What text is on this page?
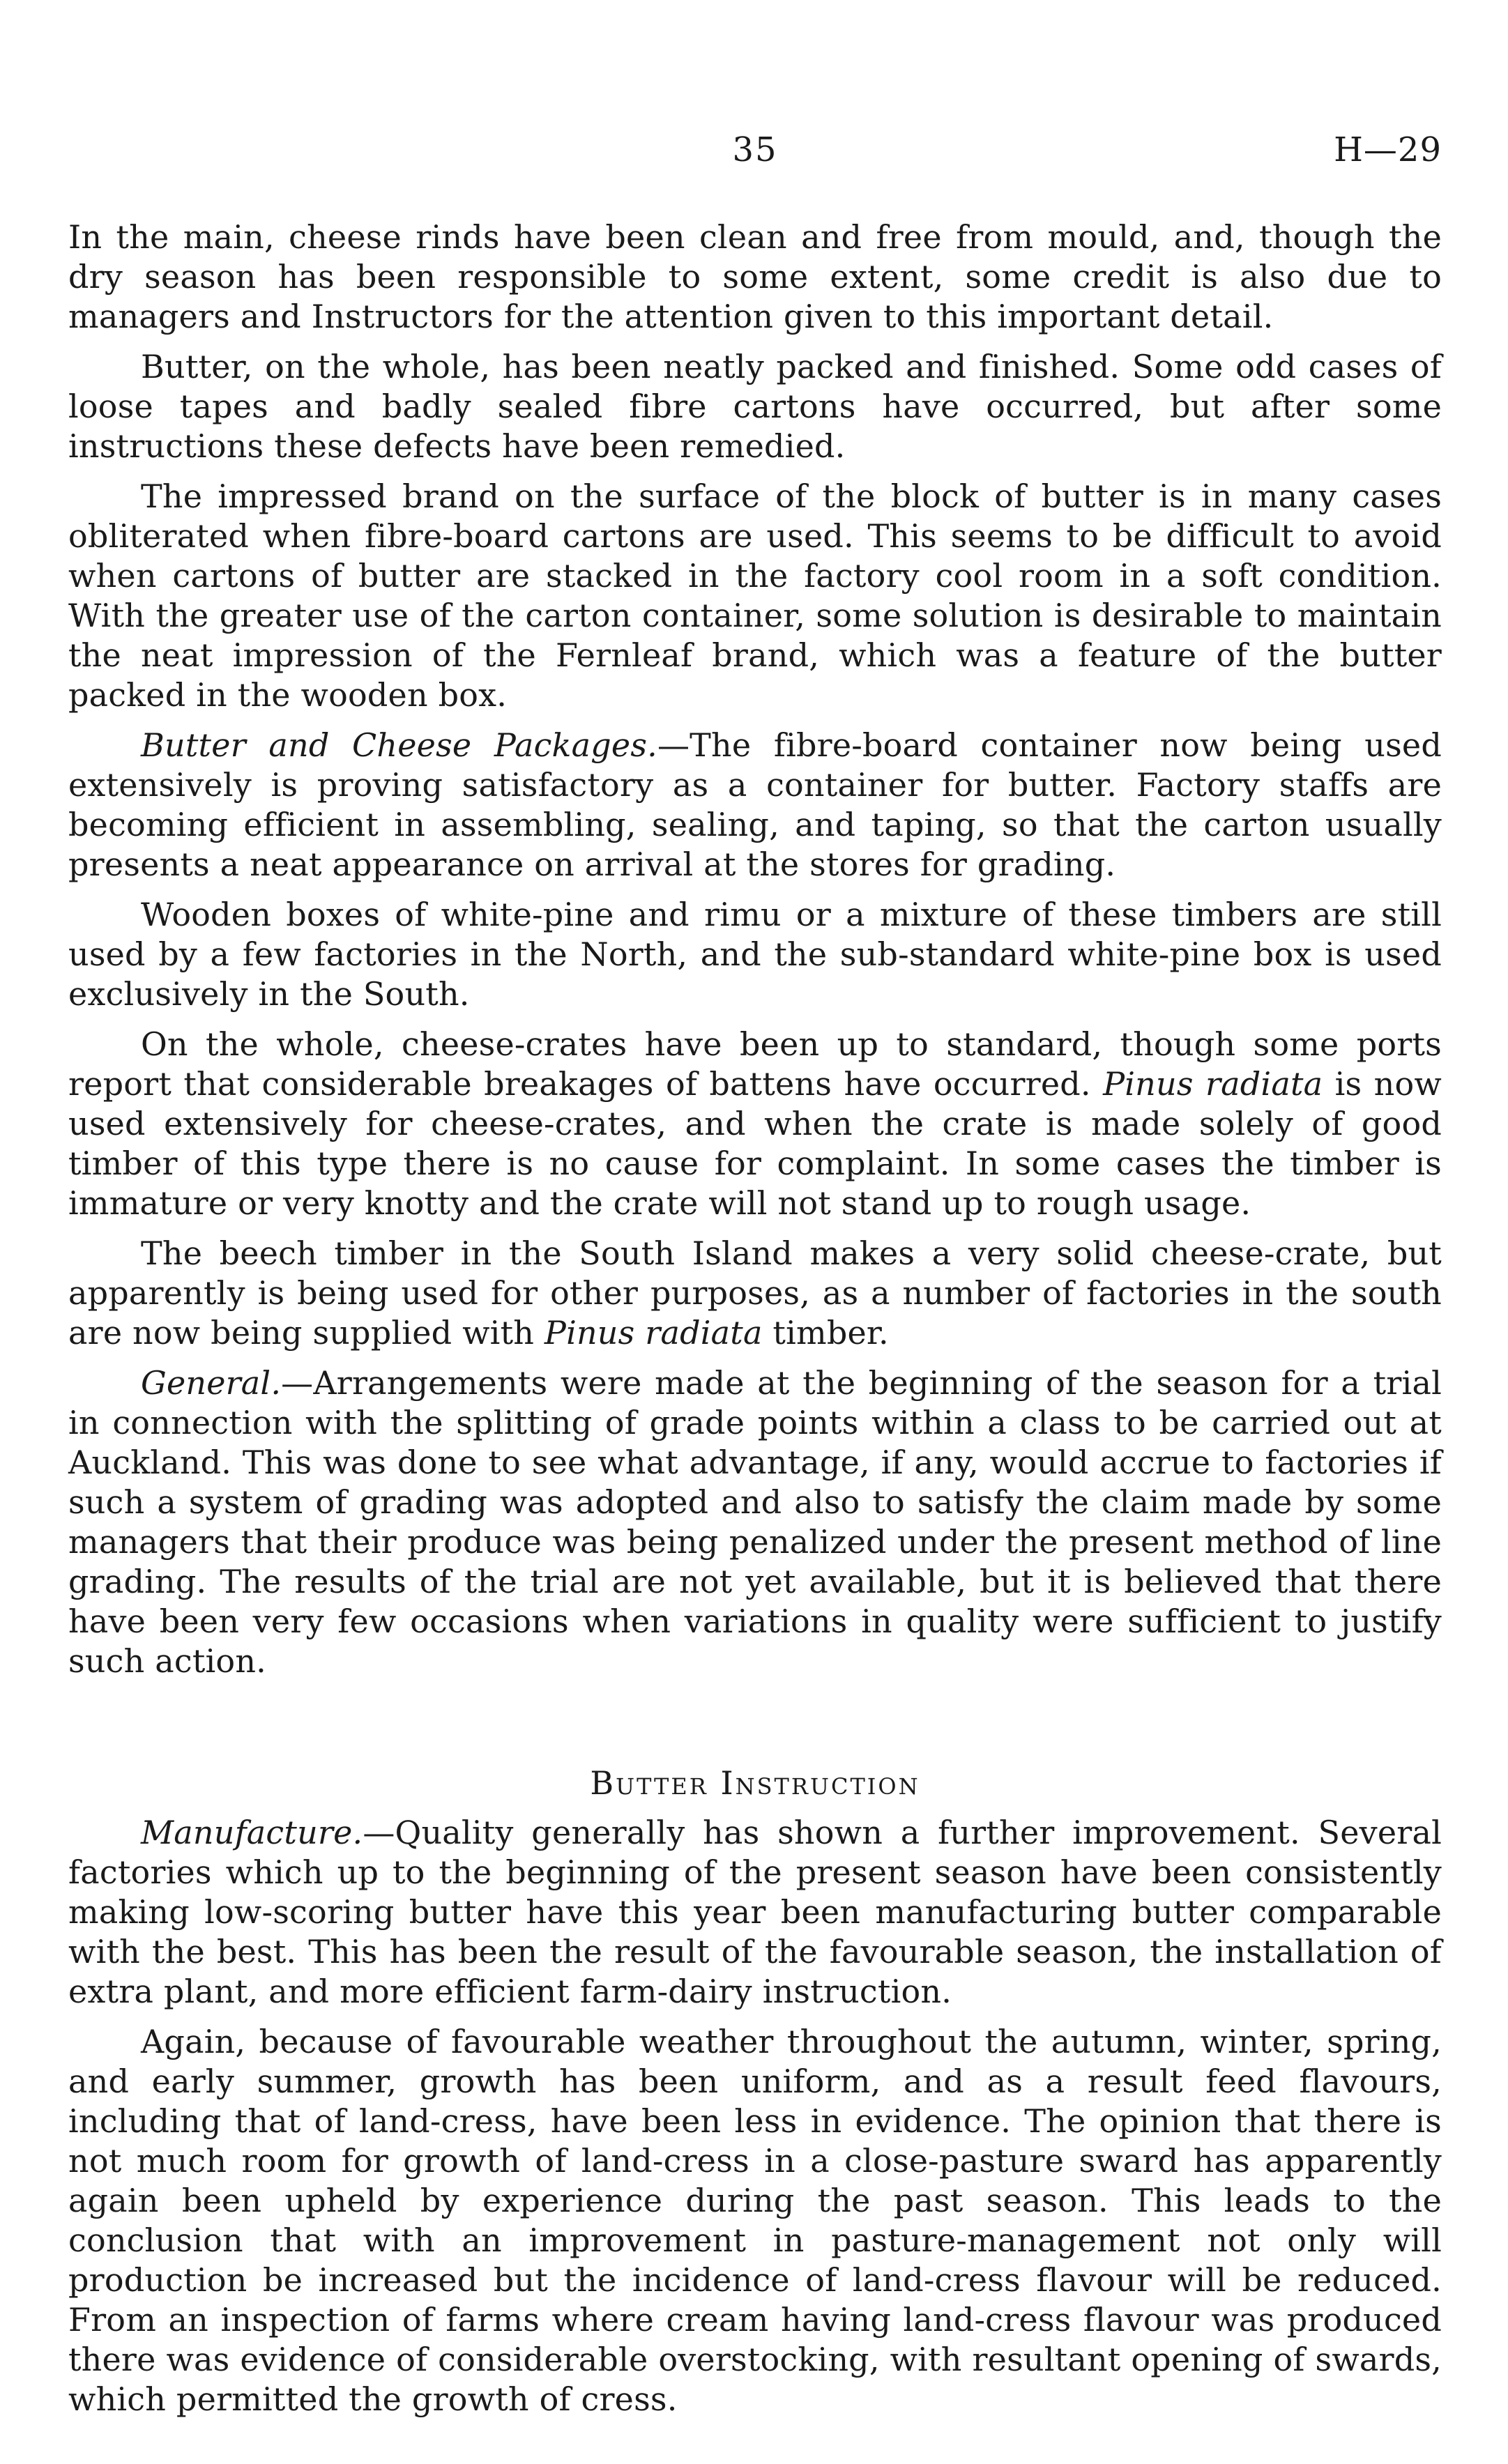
35	H—29

In the main, cheese rinds have been clean and free from mould, and, though the dry season has been responsible to some extent, some credit is also due to managers and Instructors for the attention given to this important detail.

Butter, on the whole, has been neatly packed and finished. Some odd cases of loose tapes and badly sealed fibre cartons have occurred, but after some instructions these defects have been remedied.

The impressed brand on the surface of the block of butter is in many cases obliterated when fibre-board cartons are used. This seems to be difficult to avoid when cartons of butter are stacked in the factory cool room in a soft condition. With the greater use of the carton container, some solution is desirable to maintain the neat impression of the Fernleaf brand, which was a feature of the butter packed in the wooden box.

Butter and Cheese Packages.—The fibre-board container now being used extensively is proving satisfactory as a container for butter. Factory staffs are becoming efficient in assembling, sealing, and taping, so that the carton usually presents a neat appearance on arrival at the stores for grading.

Wooden boxes of white-pine and rimu or a mixture of these timbers are still used by a few factories in the North, and the sub-standard white-pine box is used exclusively in the South.

On the whole, cheese-crates have been up to standard, though some ports report that considerable breakages of battens have occurred. Pinus radiata is now used extensively for cheese-crates, and when the crate is made solely of good timber of this type there is no cause for complaint. In some cases the timber is immature or very knotty and the crate will not stand up to rough usage.

The beech timber in the South Island makes a very solid cheese-crate, but apparently is being used for other purposes, as a number of factories in the south are now being supplied with Pinus radiata timber.

General.—Arrangements were made at the beginning of the season for a trial in connection with the splitting of grade points within a class to be carried out at Auckland. This was done to see what advantage, if any, would accrue to factories if such a system of grading was adopted and also to satisfy the claim made by some managers that their produce was being penalized under the present method of line grading. The results of the trial are not yet available, but it is believed that there have been very few occasions when variations in quality were sufficient to justify such action.

Butter Instruction

Manufacture.—Quality generally has shown a further improvement. Several factories which up to the beginning of the present season have been consistently making low-scoring butter have this year been manufacturing butter comparable with the best. This has been the result of the favourable season, the installation of extra plant, and more efficient farm-dairy instruction.

Again, because of favourable weather throughout the autumn, winter, spring, and early summer, growth has been uniform, and as a result feed flavours, including that of land-cress, have been less in evidence. The opinion that there is not much room for growth of land-cress in a close-pasture sward has apparently again been upheld by experience during the past season. This leads to the conclusion that with an improvement in pasture-management not only will production be increased but the incidence of land-cress flavour will be reduced. From an inspection of farms where cream having land-cress flavour was produced there was evidence of considerable overstocking, with resultant opening of swards, which permitted the growth of cress.
